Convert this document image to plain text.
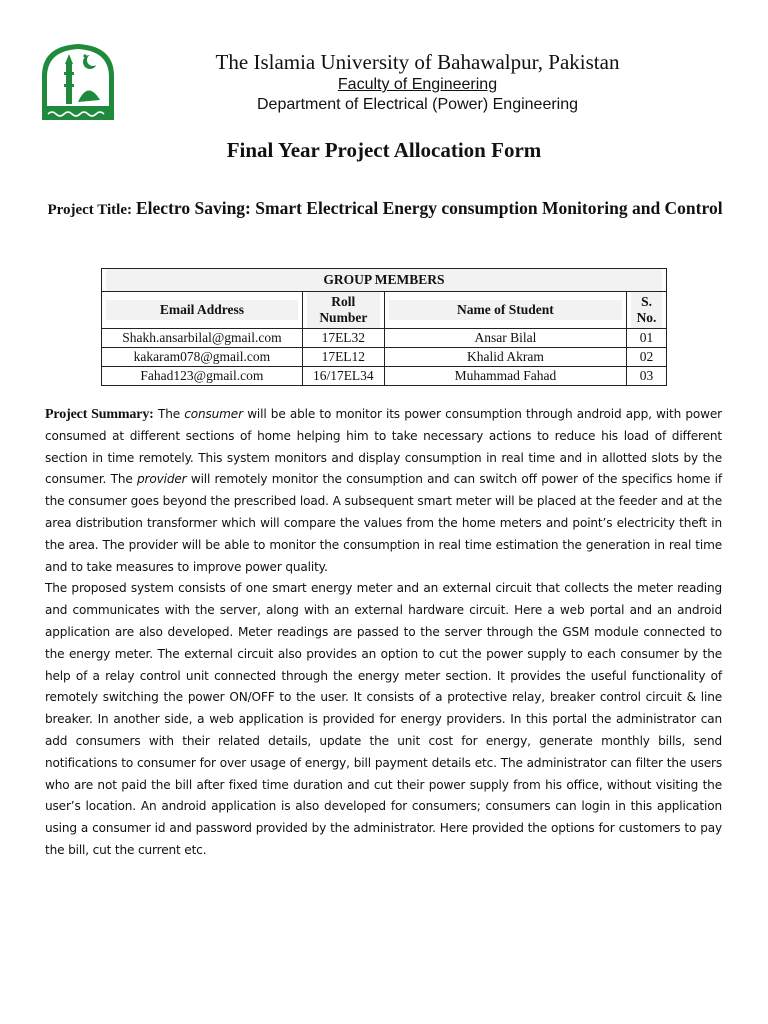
The Islamia University of Bahawalpur, Pakistan
Faculty of Engineering
Department of Electrical (Power) Engineering
Final Year Project Allocation Form
Project Title: Electro Saving: Smart Electrical Energy consumption Monitoring and Control
GROUP MEMBERS			

Email Address	Roll Number	Name of Student	S. No.

Shakh.ansarbilal@gmail.com	17EL32	Ansar Bilal	01
kakaram078@gmail.com	17EL12	Khalid Akram	02
Fahad123@gmail.com	16/17EL34	Muhammad Fahad	03

Project Summary: The consumer will be able to monitor its power consumption through android app, with power consumed at different sections of home helping him to take necessary actions to reduce his load of different section in time remotely. This system monitors and display consumption in real time and in allotted slots by the consumer. The provider will remotely monitor the consumption and can switch off power of the specifics home if the consumer goes beyond the prescribed load. A subsequent smart meter will be placed at the feeder and at the area distribution transformer which will compare the values from the home meters and point’s electricity theft in the area. The provider will be able to monitor the consumption in real time estimation the generation in real time and to take measures to improve power quality.

The proposed system consists of one smart energy meter and an external circuit that collects the meter reading and communicates with the server, along with an external hardware circuit. Here a web portal and an android application are also developed. Meter readings are passed to the server through the GSM module connected to the energy meter. The external circuit also provides an option to cut the power supply to each consumer by the help of a relay control unit connected through the energy meter section. It provides the useful functionality of remotely switching the power ON/OFF to the user. It consists of a protective relay, breaker control circuit & line breaker. In another side, a web application is provided for energy providers. In this portal the administrator can add consumers with their related details, update the unit cost for energy, generate monthly bills, send notifications to consumer for over usage of energy, bill payment details etc. The administrator can filter the users who are not paid the bill after fixed time duration and cut their power supply from his office, without visiting the user’s location. An android application is also developed for consumers; consumers can login in this application using a consumer id and password provided by the administrator. Here provided the options for customers to pay the bill, cut the current etc.
